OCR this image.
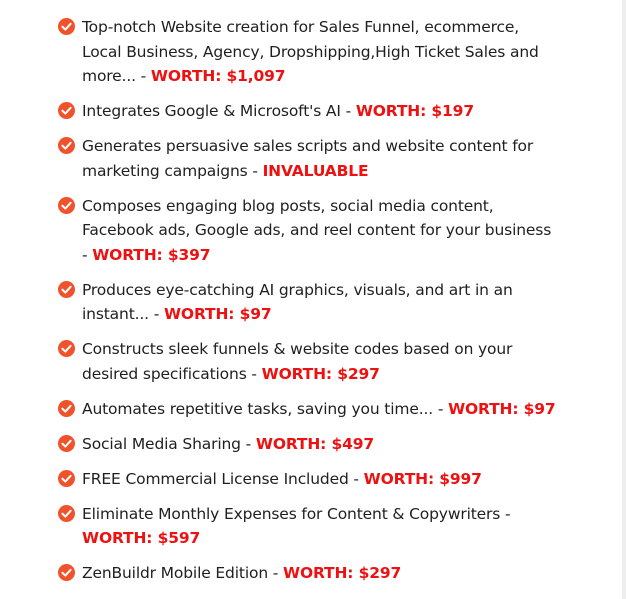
Top-notch Website creation for Sales Funnel, ecommerce, Local Business, Agency, Dropshipping,High Ticket Sales and more... - WORTH: $1,097
Integrates Google & Microsoft's AI - WORTH: $197
Generates persuasive sales scripts and website content for marketing campaigns - INVALUABLE
Composes engaging blog posts, social media content, Facebook ads, Google ads, and reel content for your business - WORTH: $397
Produces eye-catching AI graphics, visuals, and art in an instant... - WORTH: $97
Constructs sleek funnels & website codes based on your desired specifications - WORTH: $297
Automates repetitive tasks, saving you time... - WORTH: $97
Social Media Sharing - WORTH: $497
FREE Commercial License Included - WORTH: $997
Eliminate Monthly Expenses for Content & Copywriters - WORTH: $597
ZenBuildr Mobile Edition - WORTH: $297
